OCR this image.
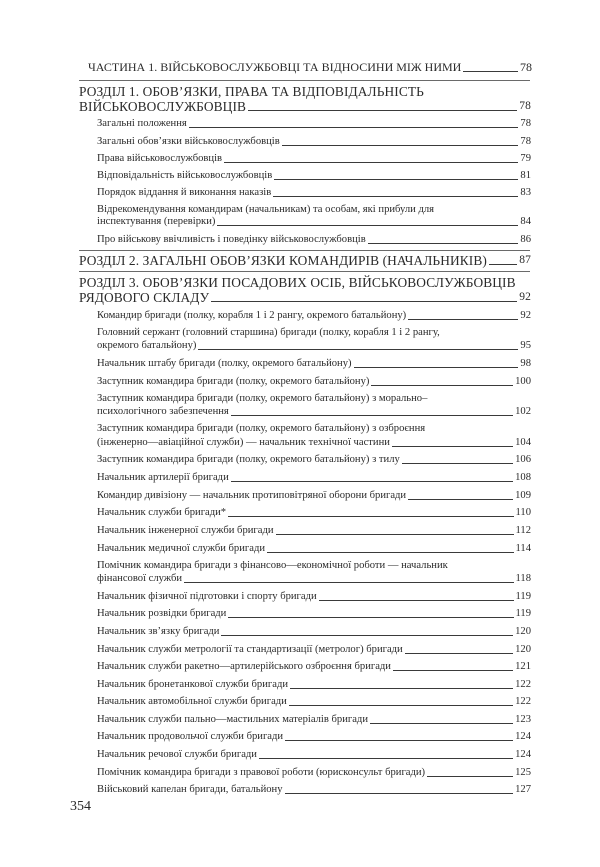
ЧАСТИНА 1. ВІЙСЬКОВОСЛУЖБОВЦІ ТА ВІДНОСИНИ МІЖ НИМИ	78
РОЗДІЛ 1. ОБОВ’ЯЗКИ, ПРАВА ТА ВІДПОВІДАЛЬНІСТЬ
ВІЙСЬКОВОСЛУЖБОВЦІВ	78
Загальні положення	78
Загальні обов’язки військовослужбовців	78
Права військовослужбовців	79
Відповідальність військовослужбовців	81
Порядок віддання й виконання наказів	83
Відрекомендування командирам (начальникам) та особам, які прибули для
інспектування (перевірки)	84
Про військову ввічливість і поведінку військовослужбовців	86
РОЗДІЛ 2. ЗАГАЛЬНІ ОБОВ’ЯЗКИ КОМАНДИРІВ (НАЧАЛЬНИКІВ)	87
РОЗДІЛ 3. ОБОВ’ЯЗКИ ПОСАДОВИХ ОСІБ, ВІЙСЬКОВОСЛУЖБОВЦІВ
РЯДОВОГО СКЛАДУ	92
Командир бригади (полку, корабля 1 і 2 рангу, окремого батальйону)	92
Головний сержант (головний старшина) бригади (полку, корабля 1 і 2 рангу,
окремого батальйону)	95
Начальник штабу бригади (полку, окремого батальйону)	98
Заступник командира бригади (полку, окремого батальйону)	100
Заступник командира бригади (полку, окремого батальйону) з морально–
психологічного забезпечення	102
Заступник командира бригади (полку, окремого батальйону) з озброєння
(інженерно—авіаційної служби) — начальник технічної частини	104
Заступник командира бригади (полку, окремого батальйону) з тилу	106
Начальник артилерії бригади	108
Командир дивізіону — начальник протиповітряної оборони бригади	109
Начальник служби бригади*	110
Начальник інженерної служби бригади	112
Начальник медичної служби бригади	114
Помічник командира бригади з фінансово—економічної роботи — начальник
фінансової служби	118
Начальник фізичної підготовки і спорту бригади	119
Начальник розвідки бригади	119
Начальник зв’язку бригади	120
Начальник служби метрології та стандартизації (метролог) бригади	120
Начальник служби ракетно—артилерійського озброєння бригади	121
Начальник бронетанкової служби бригади	122
Начальник автомобільної служби бригади	122
Начальник служби пально—мастильних матеріалів бригади	123
Начальник продовольчої служби бригади	124
Начальник речової служби бригади	124
Помічник командира бригади з правової роботи (юрисконсульт бригади)	125
Військовий капелан бригади, батальйону	127
354
